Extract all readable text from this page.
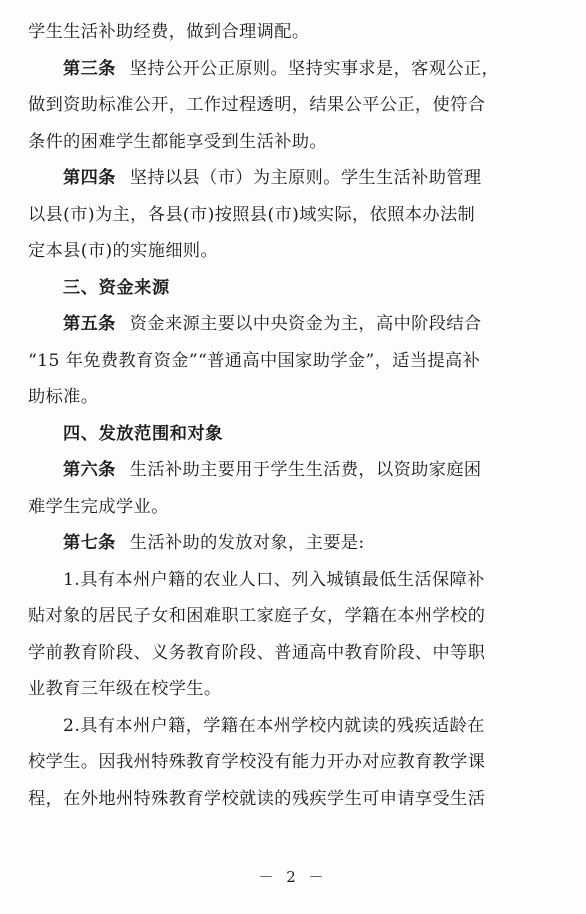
学生生活补助经费，做到合理调配。
第三条 坚持公开公正原则。坚持实事求是，客观公正，
做到资助标准公开，工作过程透明，结果公平公正，使符合
条件的困难学生都能享受到生活补助。
第四条 坚持以县（市）为主原则。学生生活补助管理
以县(市)为主，各县(市)按照县(市)域实际，依照本办法制
定本县(市)的实施细则。
三、资金来源
第五条 资金来源主要以中央资金为主，高中阶段结合
“15 年免费教育资金”“普通高中国家助学金”，适当提高补
助标准。
四、发放范围和对象
第六条 生活补助主要用于学生生活费，以资助家庭困
难学生完成学业。
第七条 生活补助的发放对象，主要是:
1.具有本州户籍的农业人口、列入城镇最低生活保障补
贴对象的居民子女和困难职工家庭子女，学籍在本州学校的
学前教育阶段、义务教育阶段、普通高中教育阶段、中等职
业教育三年级在校学生。
2.具有本州户籍，学籍在本州学校内就读的残疾适龄在
校学生。因我州特殊教育学校没有能力开办对应教育教学课
程，在外地州特殊教育学校就读的残疾学生可申请享受生活
－ 2 －
